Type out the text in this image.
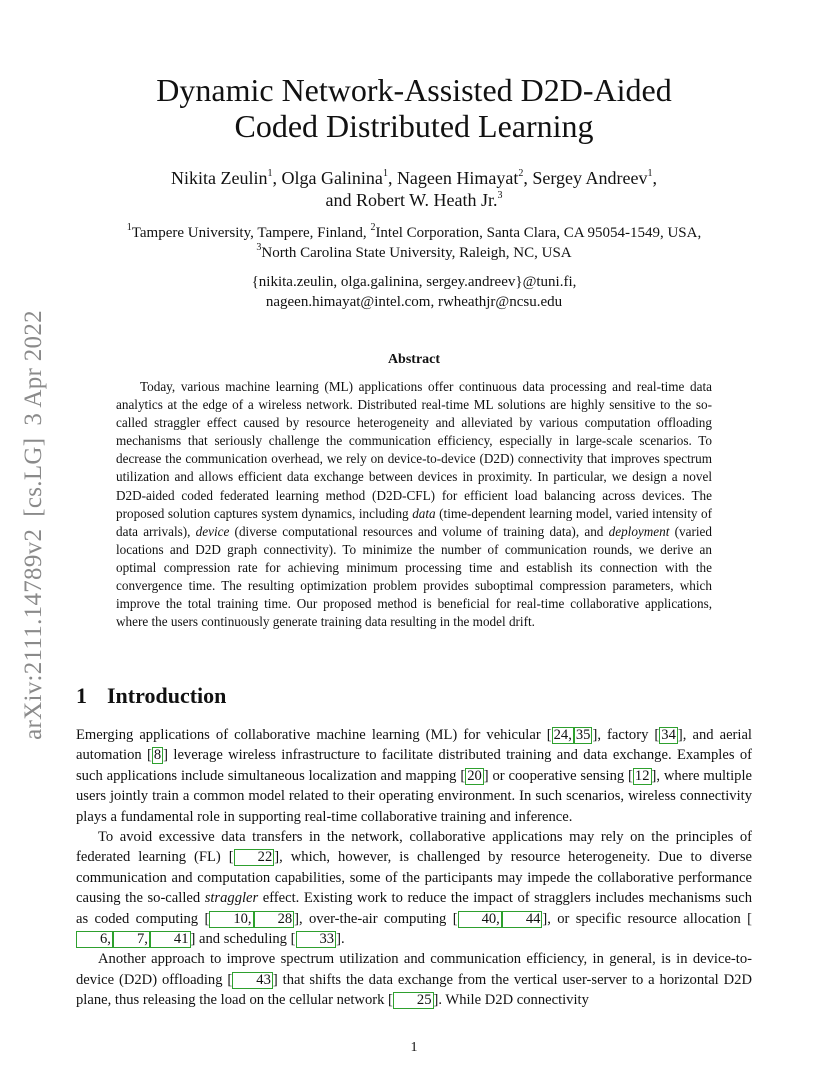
arXiv:2111.14789v2[cs.LG]3 Apr 2022
Dynamic Network-Assisted D2D-Aided
Coded Distributed Learning
Nikita Zeulin$^1$, Olga Galinina$^1$, Nageen Himayat$^2$, Sergey Andreev$^1$,
and Robert W. Heath Jr.$^3$
$^1$Tampere University, Tampere, Finland, $^2$Intel Corporation, Santa Clara, CA 95054-1549, USA,
$^3$North Carolina State University, Raleigh, NC, USA
{nikita.zeulin, olga.galinina, sergey.andreev}@tuni.fi,
nageen.himayat@intel.com, rwheathjr@ncsu.edu
Abstract

Today, various machine learning (ML) applications offer continuous data processing and real-time data analytics at the edge of a wireless network. Distributed real-time ML solutions are highly sensitive to the so-called straggler effect caused by resource heterogeneity and alleviated by various computation offloading mechanisms that seriously challenge the communication efficiency, especially in large-scale scenarios. To decrease the communication overhead, we rely on device-to-device (D2D) connectivity that improves spectrum utilization and allows efficient data exchange between devices in proximity. In particular, we design a novel D2D-aided coded federated learning method (D2D-CFL) for efficient load balancing across devices. The proposed solution captures system dynamics, including data (time-dependent learning model, varied intensity of data arrivals), device (diverse computational resources and volume of training data), and deployment (varied locations and D2D graph connectivity). To minimize the number of communication rounds, we derive an optimal compression rate for achieving minimum processing time and establish its connection with the convergence time. The resulting optimization problem provides suboptimal compression parameters, which improve the total training time. Our proposed method is beneficial for real-time collaborative applications, where the users continuously generate training data resulting in the model drift.

1 Introduction

Emerging applications of collaborative machine learning (ML) for vehicular [ 24, 35 ], factory [ 34 ], and aerial automation [ 8 ] leverage wireless infrastructure to facilitate distributed training and data exchange. Examples of such applications include simultaneous localization and mapping [ 20 ] or cooperative sensing [ 12 ], where multiple users jointly train a common model related to their operating environment. In such scenarios, wireless connectivity plays a fundamental role in supporting real-time collaborative training and inference.

To avoid excessive data transfers in the network, collaborative applications may rely on the principles of federated learning (FL) [ 22 ], which, however, is challenged by resource heterogeneity. Due to diverse communication and computation capabilities, some of the participants may impede the collaborative performance causing the so-called straggler effect. Existing work to reduce the impact of stragglers includes mechanisms such as coded computing [ 10, 28 ], over-the-air computing [ 40, 44 ], or specific resource allocation [6, 7, 41 ] and scheduling [ 33 ].

Another approach to improve spectrum utilization and communication efficiency, in general, is in device-to-device (D2D) offloading [ 43 ] that shifts the data exchange from the vertical user-server to a horizontal D2D plane, thus releasing the load on the cellular network [ 25 ]. While D2D connectivity

1
